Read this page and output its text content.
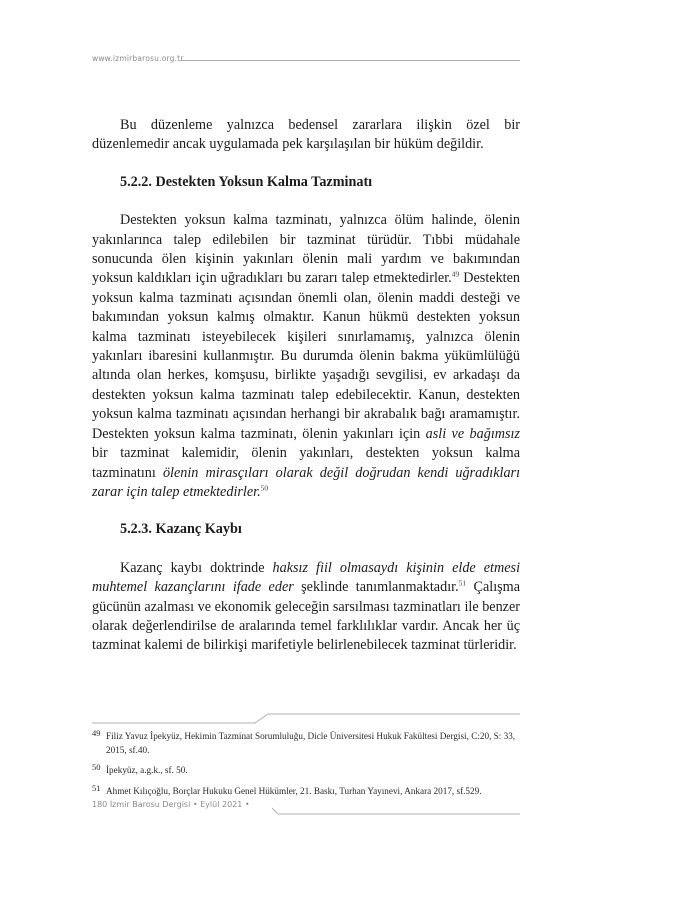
www.izmirbarosu.org.tr

Bu düzenleme yalnızca bedensel zararlara ilişkin özel bir düzenlemedir ancak uygulamada pek karşılaşılan bir hüküm değildir.

5.2.2. Destekten Yoksun Kalma Tazminatı

Destekten yoksun kalma tazminatı, yalnızca ölüm halinde, ölenin yakınlarınca talep edilebilen bir tazminat türüdür. Tıbbi müdahale sonucunda ölen kişinin yakınları ölenin mali yardım ve bakımından yoksun kaldıkları için uğradıkları bu zararı talep etmektedirler.$^{49}$ Destekten yoksun kalma tazminatı açısından önemli olan, ölenin maddi desteği ve bakımından yoksun kalmış olmaktır. Kanun hükmü destekten yoksun kalma tazminatı isteyebilecek kişileri sınırlamamış, yalnızca ölenin yakınları ibaresini kullanmıştır. Bu durumda ölenin bakma yükümlülüğü altında olan herkes, komşusu, birlikte yaşadığı sevgilisi, ev arkadaşı da destekten yoksun kalma tazminatı talep edebilecektir. Kanun, destekten yoksun kalma tazminatı açısından herhangi bir akrabalık bağı aramamıştır. Destekten yoksun kalma tazminatı, ölenin yakınları için asli ve bağımsız bir tazminat kalemidir, ölenin yakınları, destekten yoksun kalma tazminatını ölenin mirasçıları olarak değil doğrudan kendi uğradıkları zarar için talep etmektedirler.$^{50}$

5.2.3. Kazanç Kaybı

Kazanç kaybı doktrinde haksız fiil olmasaydı kişinin elde etmesi muhtemel kazançlarını ifade eder şeklinde tanımlanmaktadır.$^{51}$ Çalışma gücünün azalması ve ekonomik geleceğin sarsılması tazminatları ile benzer olarak değerlendirilse de aralarında temel farklılıklar vardır. Ancak her üç tazminat kalemi de bilirkişi marifetiyle belirlenebilecek tazminat türleridir.

49 Filiz Yavuz İpekyüz, Hekimin Tazminat Sorumluluğu, Dicle Üniversitesi Hukuk Fakültesi Dergisi, C:20, S: 33, 2015, sf.40.
50 İpekyüz, a.g.k., sf. 50.
51 Ahmet Kılıçoğlu, Borçlar Hukuku Genel Hükümler, 21. Baskı, Turhan Yayınevi, Ankara 2017, sf.529.
180 İzmir Barosu Dergisi • Eylül 2021 •
